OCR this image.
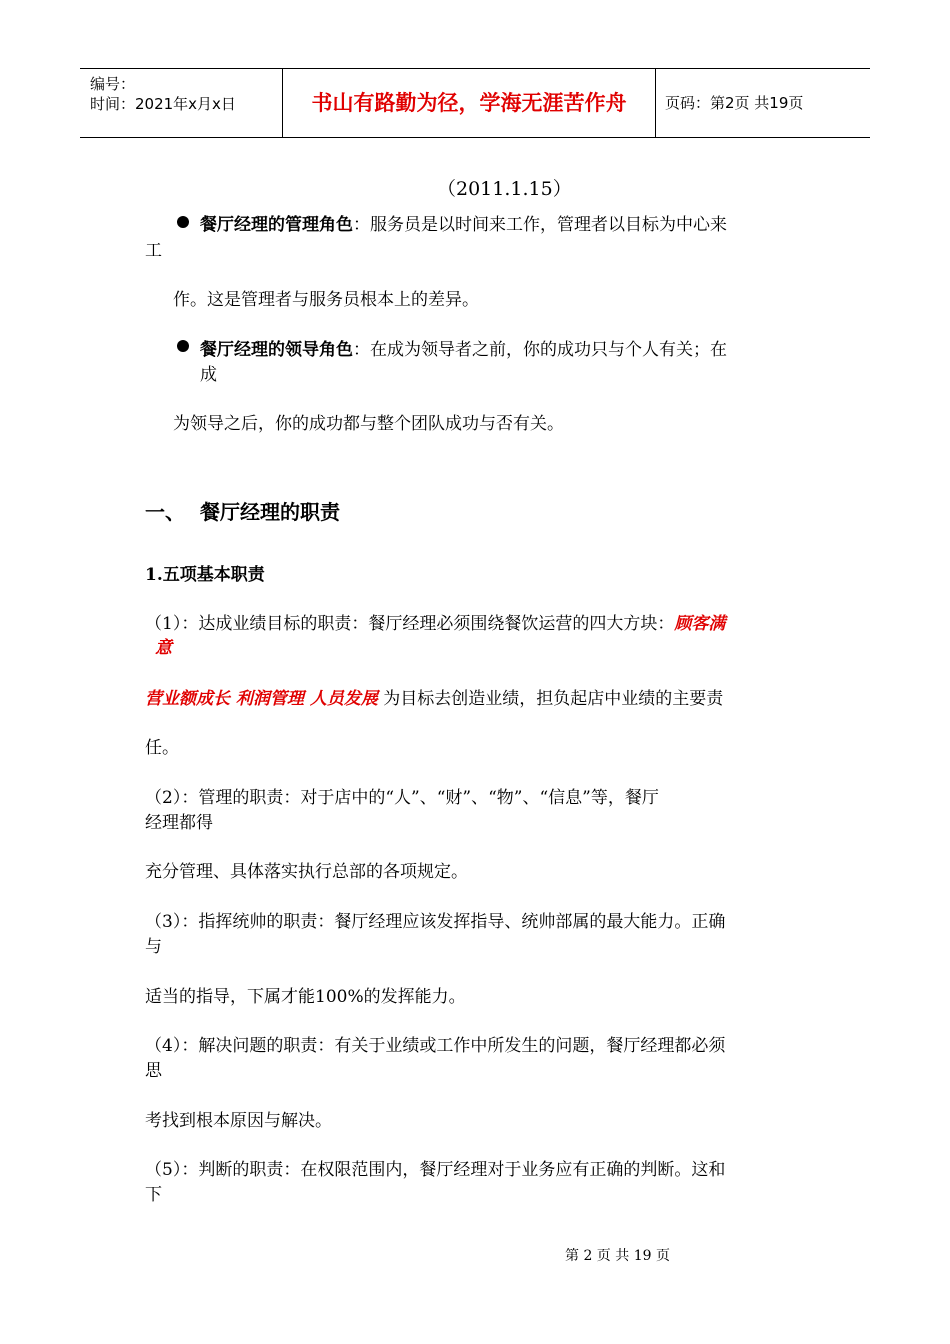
编号：
时间：2021年x月x日	书山有路勤为径，学海无涯苦作舟	页码：第2页 共19页
（2011.1.15）
餐厅经理的管理角色：服务员是以时间来工作，管理者以目标为中心来
工
作。这是管理者与服务员根本上的差异。
餐厅经理的领导角色：在成为领导者之前，你的成功只与个人有关；在
成
为领导之后，你的成功都与整个团队成功与否有关。
一、 餐厅经理的职责
1.五项基本职责
（1）：达成业绩目标的职责：餐厅经理必须围绕餐饮运营的四大方块：顾客满
意
营业额成长 利润管理 人员发展 为目标去创造业绩，担负起店中业绩的主要责
任。
（2）：管理的职责：对于店中的“人”、“财”、“物”、“信息”等，餐厅
经理都得
充分管理、具体落实执行总部的各项规定。
（3）：指挥统帅的职责：餐厅经理应该发挥指导、统帅部属的最大能力。正确
与
适当的指导，下属才能100%的发挥能力。
（4）：解决问题的职责：有关于业绩或工作中所发生的问题，餐厅经理都必须
思
考找到根本原因与解决。
（5）：判断的职责：在权限范围内，餐厅经理对于业务应有正确的判断。这和
下
第 2 页 共 19 页
